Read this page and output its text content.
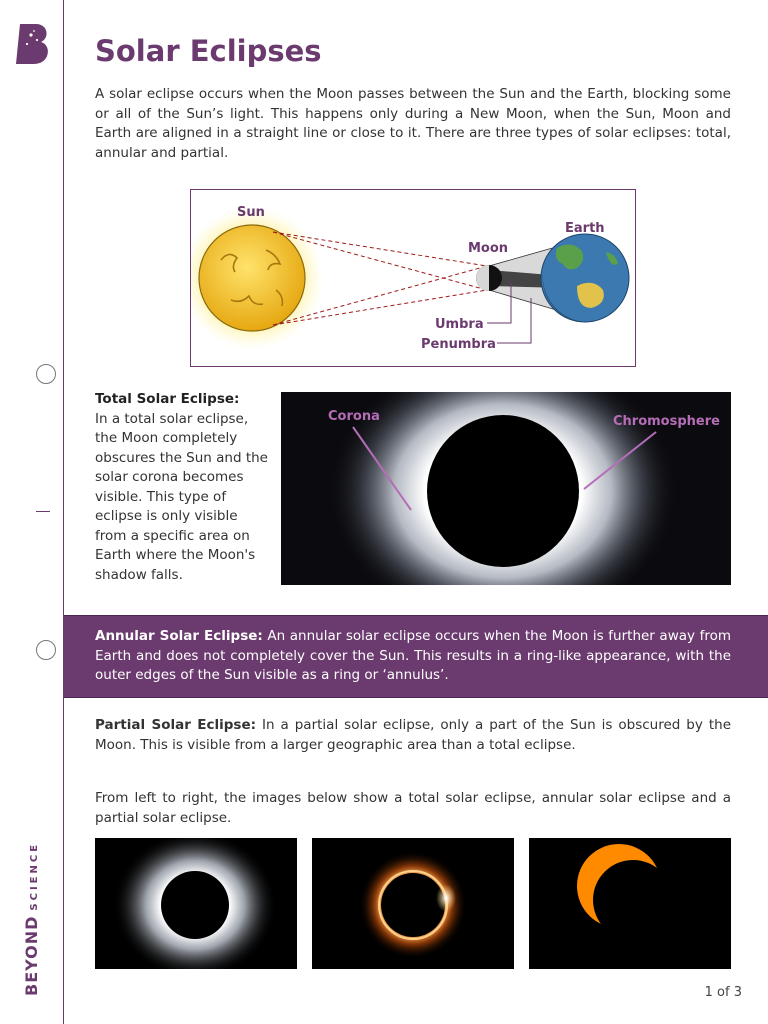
BEYONDSCIENCE
Solar Eclipses

A solar eclipse occurs when the Moon passes between the Sun and the Earth, blocking some or all of the Sun’s light. This happens only during a New Moon, when the Sun, Moon and Earth are aligned in a straight line or close to it. There are three types of solar eclipses: total, annular and partial.

Sun
Moon
Earth
Umbra
Penumbra

Total Solar Eclipse:
In a total solar eclipse, the Moon completely obscures the Sun and the solar corona becomes visible. This type of eclipse is only visible from a specific area on Earth where the Moon's shadow falls.

Corona	Chromosphere

Annular Solar Eclipse: An annular solar eclipse occurs when the Moon is further away from Earth and does not completely cover the Sun. This results in a ring-like appearance, with the outer edges of the Sun visible as a ring or ‘annulus’.

Partial Solar Eclipse: In a partial solar eclipse, only a part of the Sun is obscured by the Moon. This is visible from a larger geographic area than a total eclipse.

From left to right, the images below show a total solar eclipse, annular solar eclipse and a partial solar eclipse.

1 of 3
